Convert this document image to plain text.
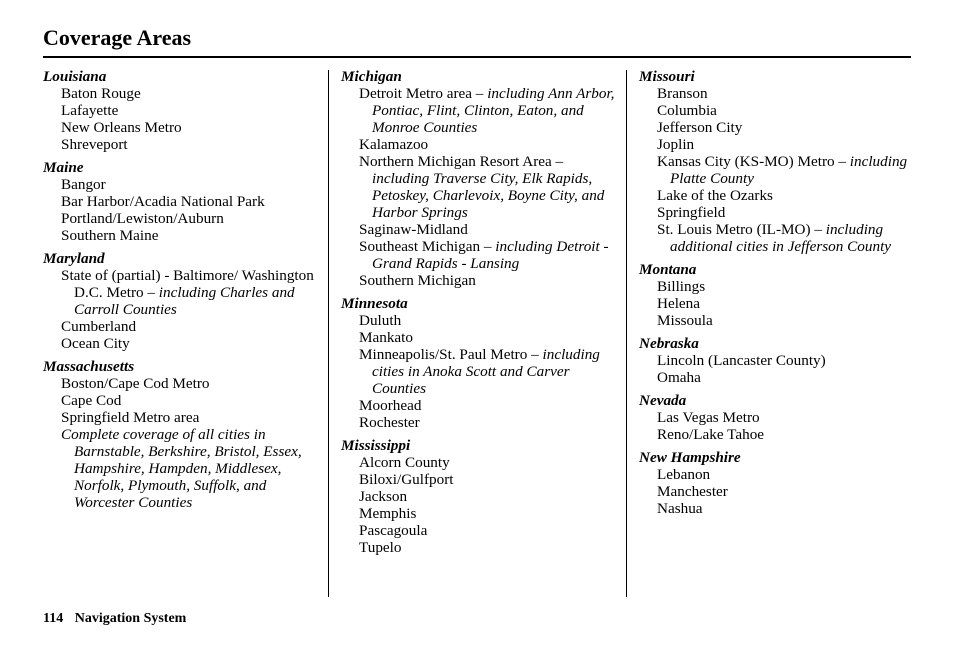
Coverage Areas
Louisiana
Baton Rouge
Lafayette
New Orleans Metro
Shreveport
Maine
Bangor
Bar Harbor/Acadia National Park
Portland/Lewiston/Auburn
Southern Maine
Maryland
State of (partial) - Baltimore/ Washington D.C. Metro – including Charles and Carroll Counties
Cumberland
Ocean City
Massachusetts
Boston/Cape Cod Metro
Cape Cod
Springfield Metro area
Complete coverage of all cities in Barnstable, Berkshire, Bristol, Essex, Hampshire, Hampden, Middlesex, Norfolk, Plymouth, Suffolk, and Worcester Counties
Michigan
Detroit Metro area – including Ann Arbor, Pontiac, Flint, Clinton, Eaton, and Monroe Counties
Kalamazoo
Northern Michigan Resort Area – including Traverse City, Elk Rapids, Petoskey, Charlevoix, Boyne City, and Harbor Springs
Saginaw-Midland
Southeast Michigan – including Detroit - Grand Rapids - Lansing
Southern Michigan
Minnesota
Duluth
Mankato
Minneapolis/St. Paul Metro – including cities in Anoka Scott and Carver Counties
Moorhead
Rochester
Mississippi
Alcorn County
Biloxi/Gulfport
Jackson
Memphis
Pascagoula
Tupelo
Missouri
Branson
Columbia
Jefferson City
Joplin
Kansas City (KS-MO) Metro – including Platte County
Lake of the Ozarks
Springfield
St. Louis Metro (IL-MO) – including additional cities in Jefferson County
Montana
Billings
Helena
Missoula
Nebraska
Lincoln (Lancaster County)
Omaha
Nevada
Las Vegas Metro
Reno/Lake Tahoe
New Hampshire
Lebanon
Manchester
Nashua
114 Navigation System
